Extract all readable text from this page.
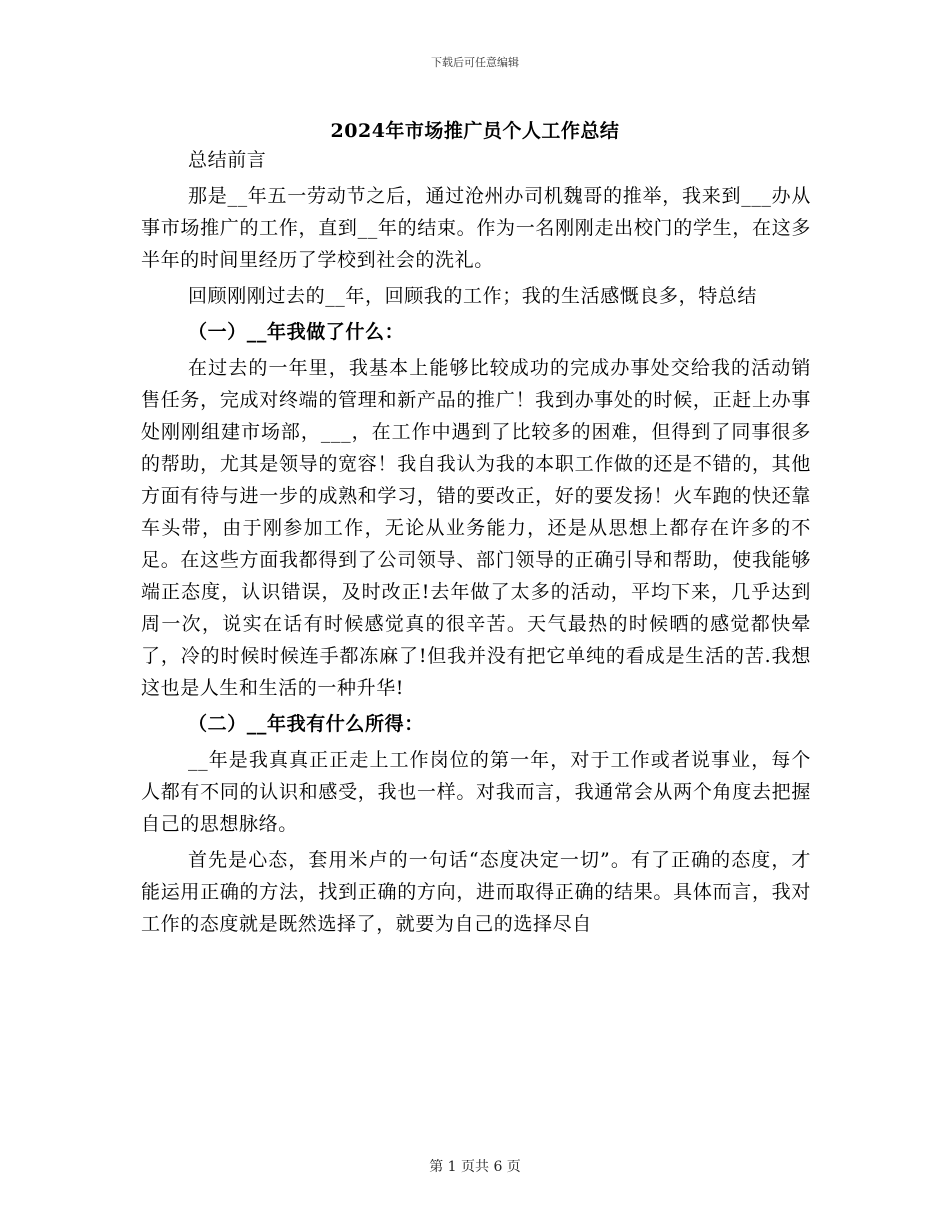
下载后可任意编辑
2024年市场推广员个人工作总结

总结前言

那是__年五一劳动节之后，通过沧州办司机魏哥的推举，我来到___办从事市场推广的工作，直到__年的结束。作为一名刚刚走出校门的学生，在这多半年的时间里经历了学校到社会的洗礼。

回顾刚刚过去的__年，回顾我的工作；我的生活感慨良多，特总结

（一）__年我做了什么：

在过去的一年里，我基本上能够比较成功的完成办事处交给我的活动销售任务，完成对终端的管理和新产品的推广！我到办事处的时候，正赶上办事处刚刚组建市场部，___，在工作中遇到了比较多的困难，但得到了同事很多的帮助，尤其是领导的宽容！我自我认为我的本职工作做的还是不错的，其他方面有待与进一步的成熟和学习，错的要改正，好的要发扬！火车跑的快还靠车头带，由于刚参加工作，无论从业务能力，还是从思想上都存在许多的不足。在这些方面我都得到了公司领导、部门领导的正确引导和帮助，使我能够端正态度，认识错误，及时改正!去年做了太多的活动，平均下来，几乎达到周一次，说实在话有时候感觉真的很辛苦。天气最热的时候晒的感觉都快晕了，冷的时候时候连手都冻麻了!但我并没有把它单纯的看成是生活的苦.我想这也是人生和生活的一种升华!

（二）__年我有什么所得：

__年是我真真正正走上工作岗位的第一年，对于工作或者说事业，每个人都有不同的认识和感受，我也一样。对我而言，我通常会从两个角度去把握自己的思想脉络。

首先是心态，套用米卢的一句话“态度决定一切”。有了正确的态度，才能运用正确的方法，找到正确的方向，进而取得正确的结果。具体而言，我对工作的态度就是既然选择了，就要为自己的选择尽自

第 1 页共 6 页
